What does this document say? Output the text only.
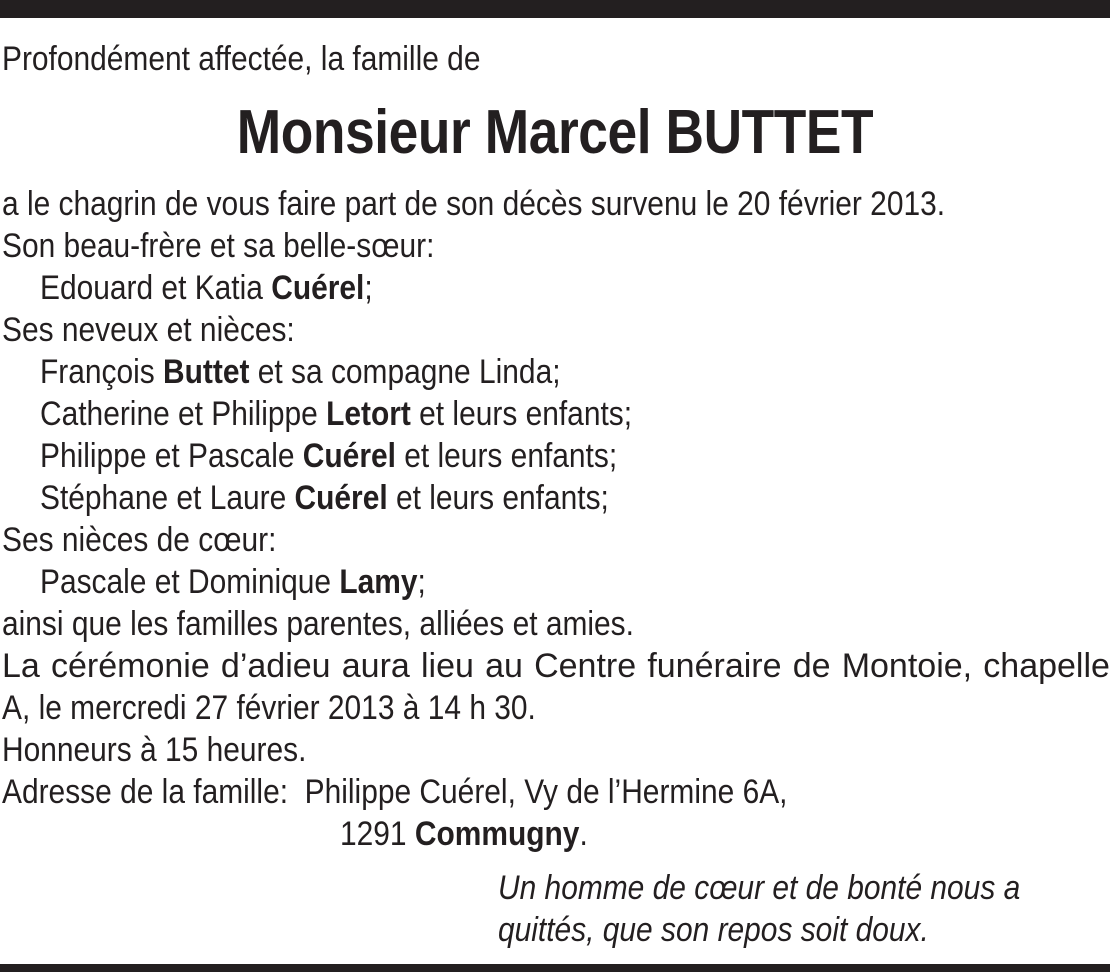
Profondément affectée, la famille de
Monsieur Marcel BUTTET
a le chagrin de vous faire part de son décès survenu le 20 février 2013.
Son beau-frère et sa belle-sœur:
Edouard et Katia Cuérel;
Ses neveux et nièces:
François Buttet et sa compagne Linda;
Catherine et Philippe Letort et leurs enfants;
Philippe et Pascale Cuérel et leurs enfants;
Stéphane et Laure Cuérel et leurs enfants;
Ses nièces de cœur:
Pascale et Dominique Lamy;
ainsi que les familles parentes, alliées et amies.
La cérémonie d’adieu aura lieu au Centre funéraire de Montoie, chapelle
A, le mercredi 27 février 2013 à 14 h 30.
Honneurs à 15 heures.
Adresse de la famille:  Philippe Cuérel, Vy de l’Hermine 6A,
1291 Commugny.
Un homme de cœur et de bonté nous a
quittés, que son repos soit doux.
